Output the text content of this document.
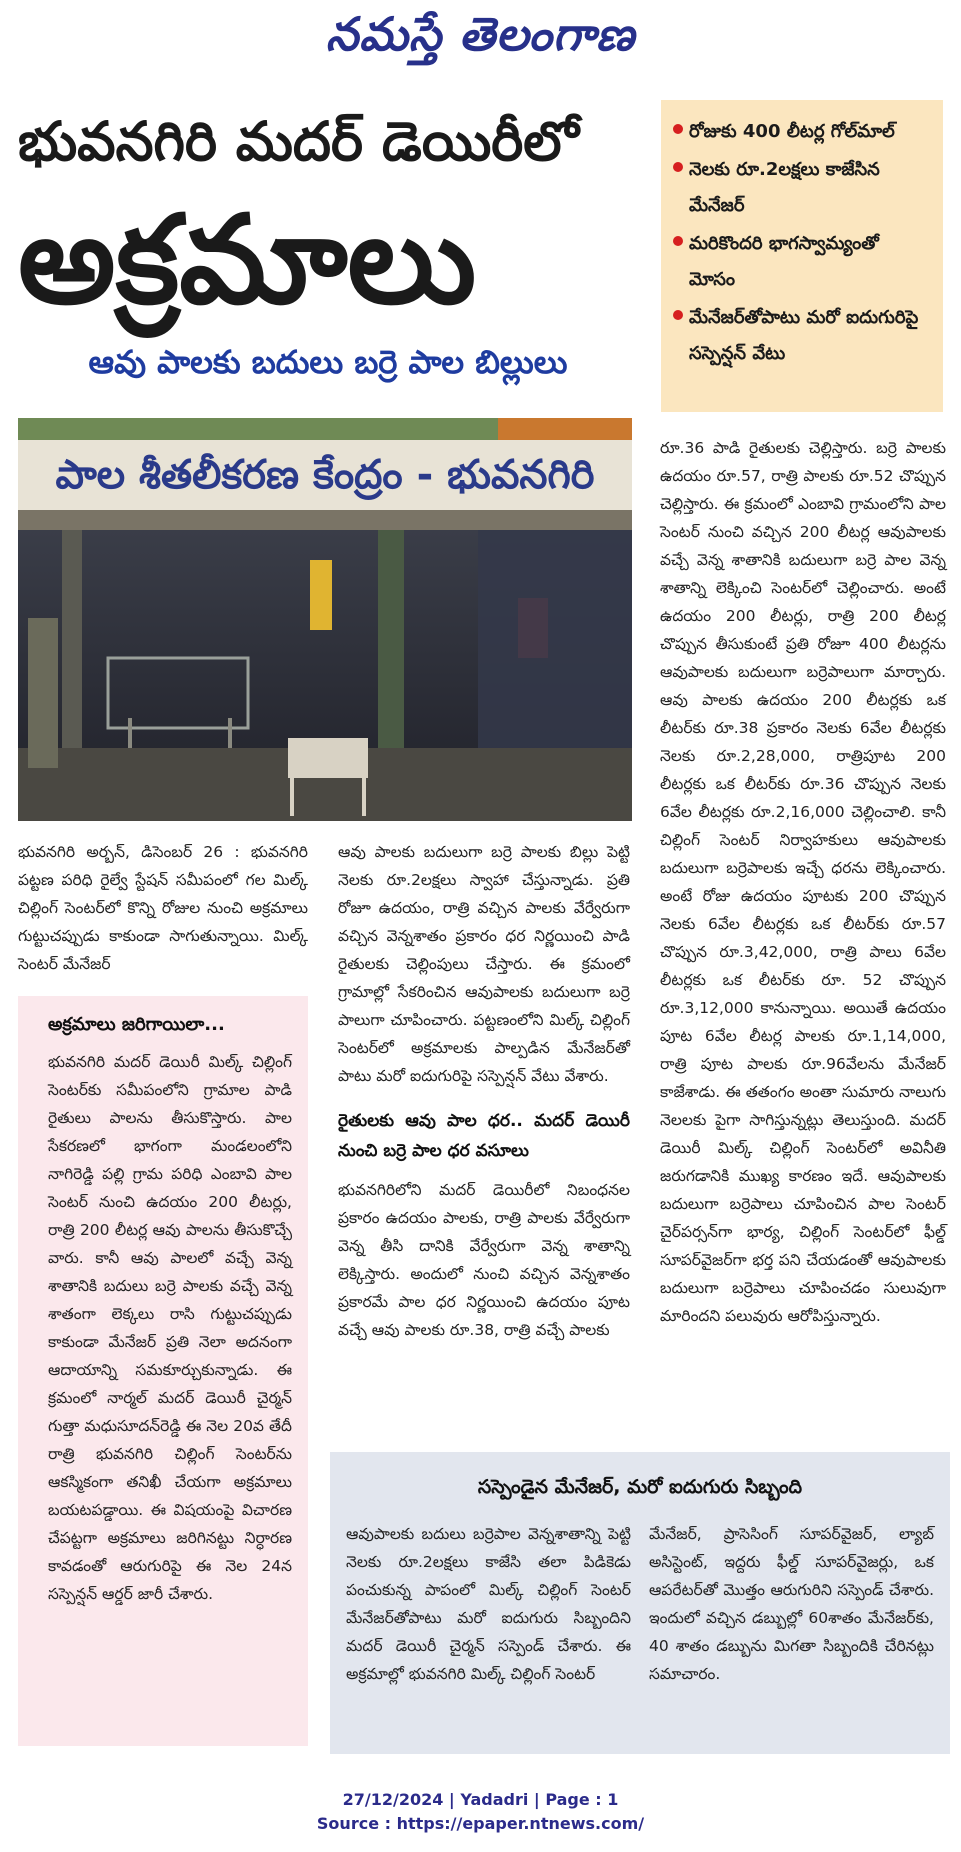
నమస్తే తెలంగాణ
భువనగిరి మదర్ డెయిరీలో
అక్రమాలు
ఆవు పాలకు బదులు బర్రె పాల బిల్లులు
రోజుకు 400 లీటర్ల గోల్‌మాల్
నెలకు రూ.2లక్షలు కాజేసిన మేనేజర్
మరికొందరి భాగస్వామ్యంతో మోసం
మేనేజర్‌తోపాటు మరో ఐదుగురిపై సస్పెన్షన్ వేటు
పాల శీతలీకరణ కేంద్రం - భువనగిరి

భువనగిరి అర్బన్, డిసెంబర్ 26 : భువనగిరి పట్టణ పరిధి రైల్వే స్టేషన్ సమీపంలో గల మిల్క్ చిల్లింగ్ సెంటర్‌లో కొన్ని రోజుల నుంచి అక్రమాలు గుట్టుచప్పుడు కాకుండా సాగుతున్నాయి. మిల్క్ సెంటర్ మేనేజర్

అక్రమాలు జరిగాయిలా...
భువనగిరి మదర్ డెయిరీ మిల్క్ చిల్లింగ్ సెంటర్‌కు సమీపంలోని గ్రామాల పాడి రైతులు పాలను తీసుకొస్తారు. పాల సేకరణలో భాగంగా మండలంలోని నాగిరెడ్డి పల్లి గ్రామ పరిధి ఎంబావి పాల సెంటర్ నుంచి ఉదయం 200 లీటర్లు, రాత్రి 200 లీటర్ల ఆవు పాలను తీసుకొచ్చే వారు. కానీ ఆవు పాలలో వచ్చే వెన్న శాతానికి బదులు బర్రె పాలకు వచ్చే వెన్న శాతంగా లెక్కలు రాసి గుట్టుచప్పుడు కాకుండా మేనేజర్ ప్రతి నెలా అదనంగా ఆదాయాన్ని సమకూర్చుకున్నాడు. ఈ క్రమంలో నార్మల్ మదర్ డెయిరీ చైర్మన్ గుత్తా మధుసూదన్‌రెడ్డి ఈ నెల 20వ తేదీ రాత్రి భువనగిరి చిల్లింగ్ సెంటర్‌ను ఆకస్మికంగా తనిఖీ చేయగా అక్రమాలు బయటపడ్డాయి. ఈ విషయంపై విచారణ చేపట్టగా అక్రమాలు జరిగినట్టు నిర్ధారణ కావడంతో ఆరుగురిపై ఈ నెల 24న సస్పెన్షన్ ఆర్డర్ జారీ చేశారు.

ఆవు పాలకు బదులుగా బర్రె పాలకు బిల్లు పెట్టి నెలకు రూ.2లక్షలు స్వాహా చేస్తున్నాడు. ప్రతి రోజూ ఉదయం, రాత్రి వచ్చిన పాలకు వేర్వేరుగా వచ్చిన వెన్నశాతం ప్రకారం ధర నిర్ణయించి పాడి రైతులకు చెల్లింపులు చేస్తారు. ఈ క్రమంలో గ్రామాల్లో సేకరించిన ఆవుపాలకు బదులుగా బర్రె పాలుగా చూపించారు. పట్టణంలోని మిల్క్ చిల్లింగ్ సెంటర్‌లో అక్రమాలకు పాల్పడిన మేనేజర్‌తో పాటు మరో ఐదుగురిపై సస్పెన్షన్ వేటు వేశారు.

రైతులకు ఆవు పాల ధర.. మదర్ డెయిరీ నుంచి బర్రె పాల ధర వసూలు

భువనగిరిలోని మదర్ డెయిరీలో నిబంధనల ప్రకారం ఉదయం పాలకు, రాత్రి పాలకు వేర్వేరుగా వెన్న తీసి దానికి వేర్వేరుగా వెన్న శాతాన్ని లెక్కిస్తారు. అందులో నుంచి వచ్చిన వెన్నశాతం ప్రకారమే పాల ధర నిర్ణయించి ఉదయం పూట వచ్చే ఆవు పాలకు రూ.38, రాత్రి వచ్చే పాలకు

రూ.36 పాడి రైతులకు చెల్లిస్తారు. బర్రె పాలకు ఉదయం రూ.57, రాత్రి పాలకు రూ.52 చొప్పున చెల్లిస్తారు. ఈ క్రమంలో ఎంబావి గ్రామంలోని పాల సెంటర్ నుంచి వచ్చిన 200 లీటర్ల ఆవుపాలకు వచ్చే వెన్న శాతానికి బదులుగా బర్రె పాల వెన్న శాతాన్ని లెక్కించి సెంటర్‌లో చెల్లించారు. అంటే ఉదయం 200 లీటర్లు, రాత్రి 200 లీటర్ల చొప్పున తీసుకుంటే ప్రతి రోజూ 400 లీటర్లను ఆవుపాలకు బదులుగా బర్రెపాలుగా మార్చారు. ఆవు పాలకు ఉదయం 200 లీటర్లకు ఒక లీటర్‌కు రూ.38 ప్రకారం నెలకు 6వేల లీటర్లకు నెలకు రూ.2,28,000, రాత్రిపూట 200 లీటర్లకు ఒక లీటర్‌కు రూ.36 చొప్పున నెలకు 6వేల లీటర్లకు రూ.2,16,000 చెల్లించాలి. కానీ చిల్లింగ్ సెంటర్ నిర్వాహకులు ఆవుపాలకు బదులుగా బర్రెపాలకు ఇచ్చే ధరను లెక్కించారు. అంటే రోజు ఉదయం పూటకు 200 చొప్పున నెలకు 6వేల లీటర్లకు ఒక లీటర్‌కు రూ.57 చొప్పున రూ.3,42,000, రాత్రి పాలు 6వేల లీటర్లకు ఒక లీటర్‌కు రూ. 52 చొప్పున రూ.3,12,000 కానున్నాయి. అయితే ఉదయం పూట 6వేల లీటర్ల పాలకు రూ.1,14,000, రాత్రి పూట పాలకు రూ.96వేలను మేనేజర్ కాజేశాడు. ఈ తతంగం అంతా సుమారు నాలుగు నెలలకు పైగా సాగిస్తున్నట్లు తెలుస్తుంది. మదర్ డెయిరీ మిల్క్ చిల్లింగ్ సెంటర్‌లో అవినీతి జరుగడానికి ముఖ్య కారణం ఇదే. ఆవుపాలకు బదులుగా బర్రెపాలు చూపించిన పాల సెంటర్ చైర్‌పర్సన్‌గా భార్య, చిల్లింగ్ సెంటర్‌లో ఫీల్డ్ సూపర్‌వైజర్‌గా భర్త పని చేయడంతో ఆవుపాలకు బదులుగా బర్రెపాలు చూపించడం సులువుగా మారిందని పలువురు ఆరోపిస్తున్నారు.

సస్పెండైన మేనేజర్, మరో ఐదుగురు సిబ్బంది

ఆవుపాలకు బదులు బర్రెపాల వెన్నశాతాన్ని పెట్టి నెలకు రూ.2లక్షలు కాజేసి తలా పిడికెడు పంచుకున్న పాపంలో మిల్క్ చిల్లింగ్ సెంటర్ మేనేజర్‌తోపాటు మరో ఐదుగురు సిబ్బందిని మదర్ డెయిరీ చైర్మన్ సస్పెండ్ చేశారు. ఈ అక్రమాల్లో భువనగిరి మిల్క్ చిల్లింగ్ సెంటర్

మేనేజర్, ప్రాసెసింగ్ సూపర్‌వైజర్, ల్యాబ్ అసిస్టెంట్, ఇద్దరు ఫీల్డ్ సూపర్‌వైజర్లు, ఒక ఆపరేటర్‌తో మొత్తం ఆరుగురిని సస్పెండ్ చేశారు. ఇందులో వచ్చిన డబ్బుల్లో 60శాతం మేనేజర్‌కు, 40 శాతం డబ్బును మిగతా సిబ్బందికి చేరినట్లు సమాచారం.

27/12/2024 | Yadadri | Page : 1
Source : https://epaper.ntnews.com/
